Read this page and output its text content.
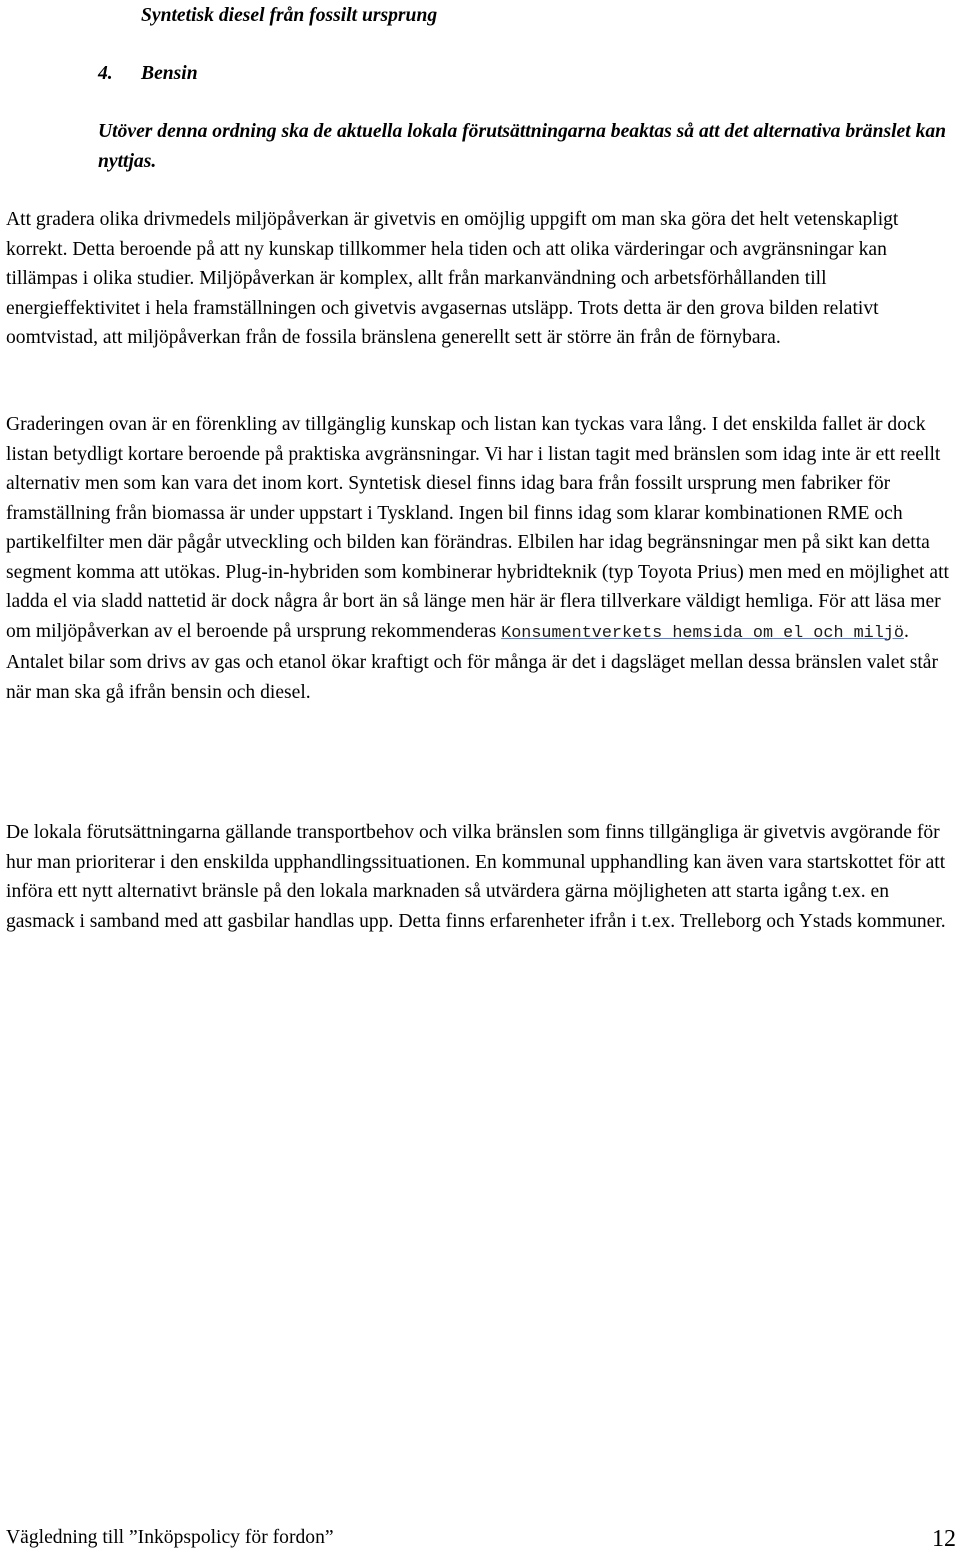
Syntetisk diesel från fossilt ursprung
4. Bensin
Utöver denna ordning ska de aktuella lokala förutsättningarna beaktas så att det alternativa bränslet kan nyttjas.

Att gradera olika drivmedels miljöpåverkan är givetvis en omöjlig uppgift om man ska göra det helt vetenskapligt korrekt. Detta beroende på att ny kunskap tillkommer hela tiden och att olika värderingar och avgränsningar kan tillämpas i olika studier. Miljöpåverkan är komplex, allt från markanvändning och arbetsförhållanden till energieffektivitet i hela framställningen och givetvis avgasernas utsläpp. Trots detta är den grova bilden relativt oomtvistad, att miljöpåverkan från de fossila bränslena generellt sett är större än från de förnybara.

Graderingen ovan är en förenkling av tillgänglig kunskap och listan kan tyckas vara lång. I det enskilda fallet är dock listan betydligt kortare beroende på praktiska avgränsningar. Vi har i listan tagit med bränslen som idag inte är ett reellt alternativ men som kan vara det inom kort. Syntetisk diesel finns idag bara från fossilt ursprung men fabriker för framställning från biomassa är under uppstart i Tyskland. Ingen bil finns idag som klarar kombinationen RME och partikelfilter men där pågår utveckling och bilden kan förändras. Elbilen har idag begränsningar men på sikt kan detta segment komma att utökas. Plug-in-hybriden som kombinerar hybridteknik (typ Toyota Prius) men med en möjlighet att ladda el via sladd nattetid är dock några år bort än så länge men här är flera tillverkare väldigt hemliga. För att läsa mer om miljöpåverkan av el beroende på ursprung rekommenderas Konsumentverkets hemsida om el och miljö. Antalet bilar som drivs av gas och etanol ökar kraftigt och för många är det i dagsläget mellan dessa bränslen valet står när man ska gå ifrån bensin och diesel.

De lokala förutsättningarna gällande transportbehov och vilka bränslen som finns tillgängliga är givetvis avgörande för hur man prioriterar i den enskilda upphandlingssituationen. En kommunal upphandling kan även vara startskottet för att införa ett nytt alternativt bränsle på den lokala marknaden så utvärdera gärna möjligheten att starta igång t.ex. en gasmack i samband med att gasbilar handlas upp. Detta finns erfarenheter ifrån i t.ex. Trelleborg och Ystads kommuner.

Vägledning till ”Inköpspolicy för fordon”	12
